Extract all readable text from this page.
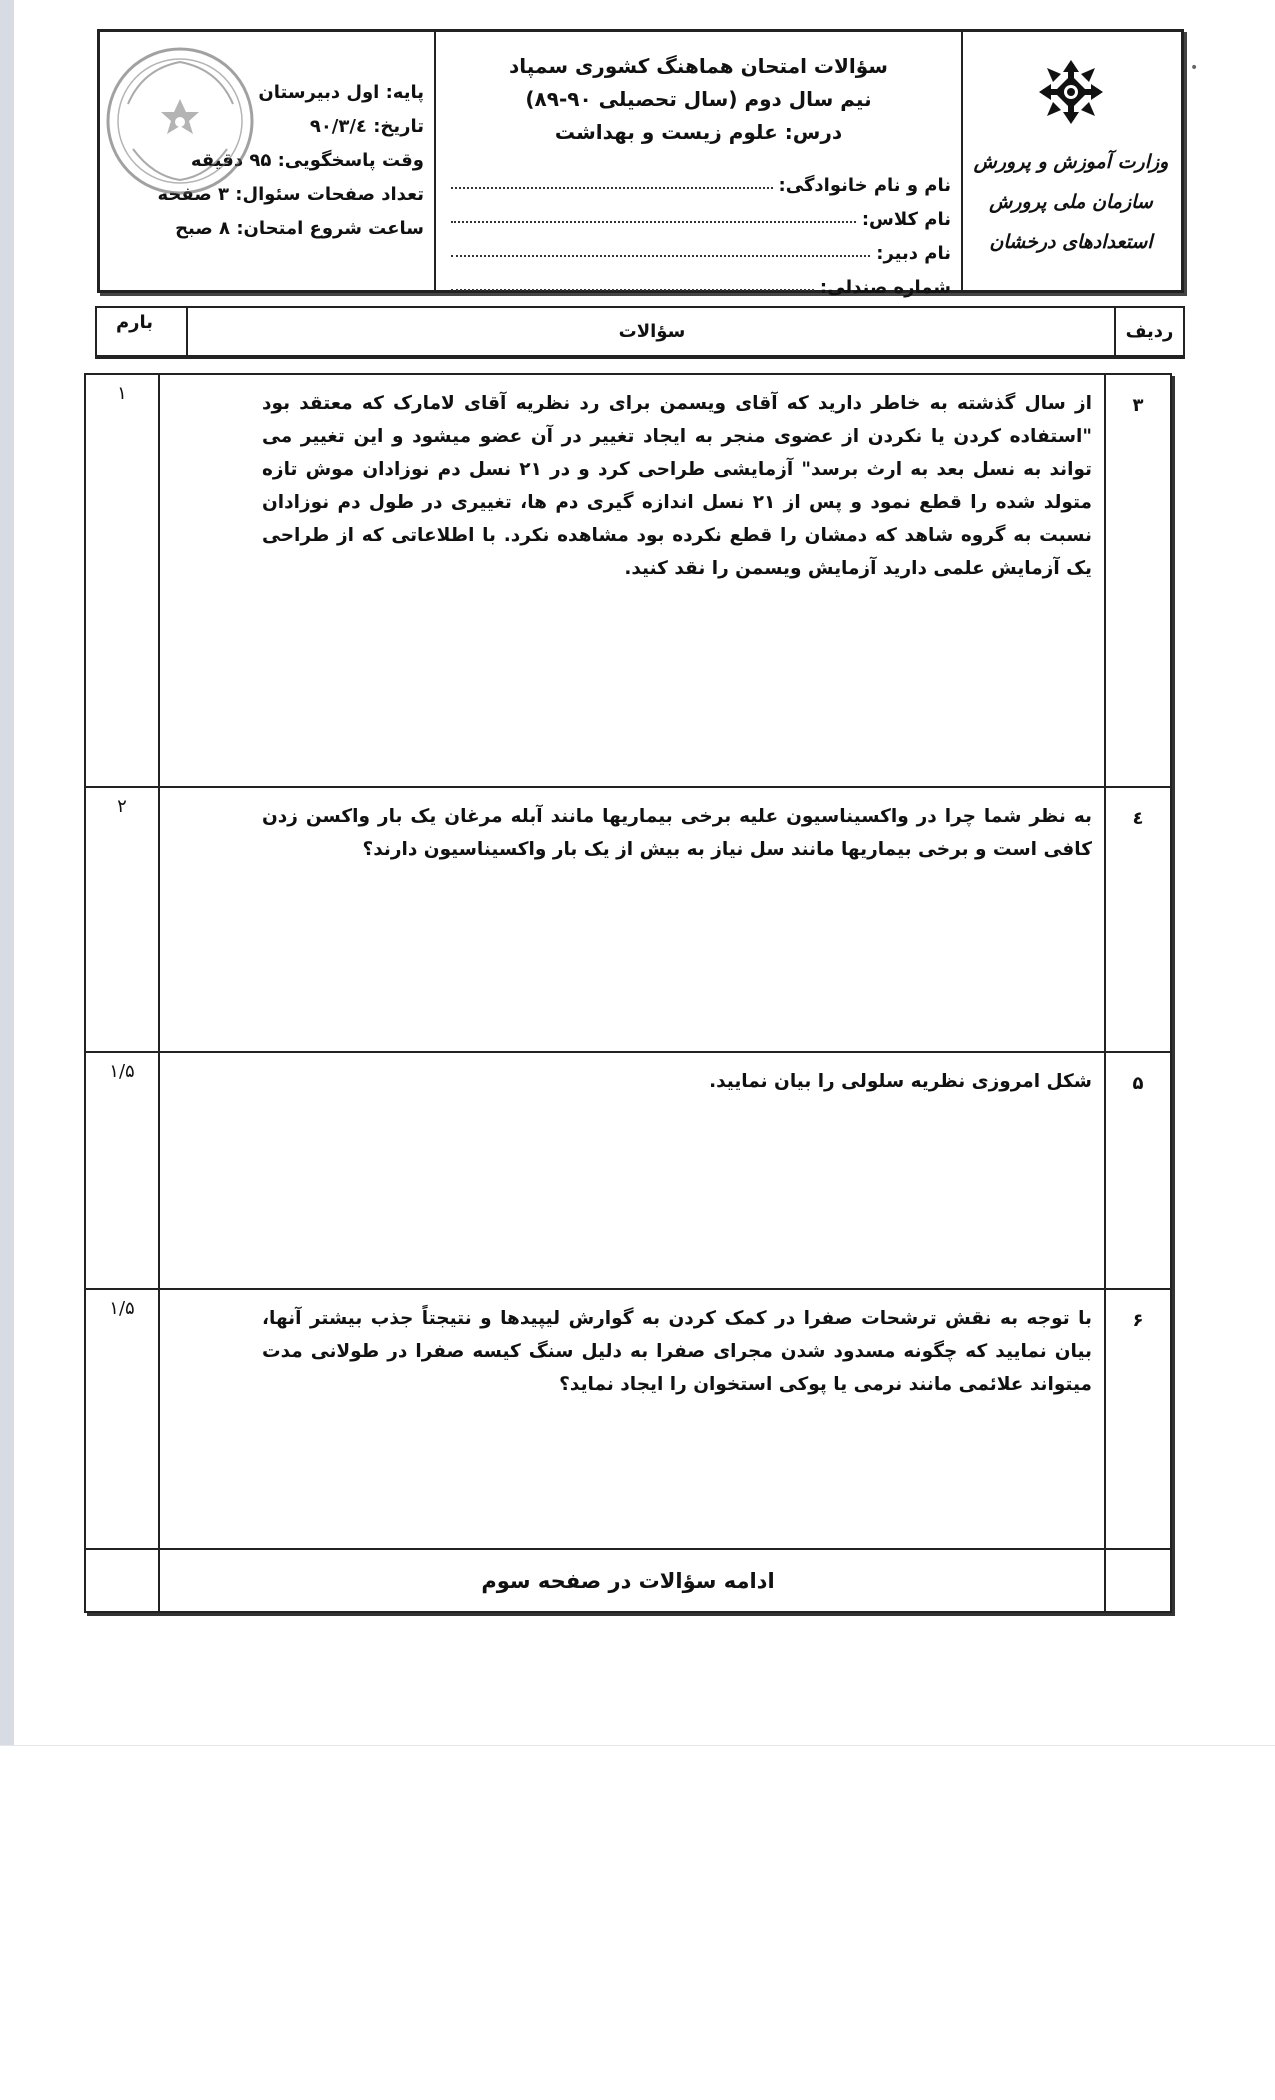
وزارت آموزش و پرورش
سازمان ملی پرورش استعدادهای درخشان
سؤالات امتحان هماهنگ کشوری سمپاد
نیم سال دوم (سال تحصیلی ۹۰-۸۹)
درس: علوم زیست و بهداشت
نام و نام خانوادگی:
نام کلاس:
نام دبیر:
شماره صندلی:
پایه: اول دبیرستان
تاریخ: ۹۰/۳/٤
وقت پاسخگویی: ۹۵ دقیقه
تعداد صفحات سئوال: ۳ صفحه
ساعت شروع امتحان: ۸ صبح
ردیف
سؤالات
بارم
۳
از سال گذشته به خاطر دارید که آقای ویسمن برای رد نظریه آقای لامارک که معتقد بود "استفاده کردن یا نکردن از عضوی منجر به ایجاد تغییر در آن عضو میشود و این تغییر می تواند به نسل بعد به ارث برسد" آزمایشی طراحی کرد و در ۲۱ نسل دم نوزادان موش تازه متولد شده را قطع نمود و پس از ۲۱ نسل اندازه گیری دم ها، تغییری در طول دم نوزادان نسبت به گروه شاهد که دمشان را قطع نکرده بود مشاهده نکرد. با اطلاعاتی که از طراحی یک آزمایش علمی دارید آزمایش ویسمن را نقد کنید.
۱
٤
به نظر شما چرا در واکسیناسیون علیه برخی بیماریها مانند آبله مرغان یک بار واکسن زدن کافی است و برخی بیماریها مانند سل نیاز به بیش از یک بار واکسیناسیون دارند؟
۲
۵
شکل امروزی نظریه سلولی را بیان نمایید.
۱/۵
۶
با توجه به نقش ترشحات صفرا در کمک کردن به گوارش لیپیدها و نتیجتاً جذب بیشتر آنها، بیان نمایید که چگونه مسدود شدن مجرای صفرا به دلیل سنگ کیسه صفرا در طولانی مدت میتواند علائمی مانند نرمی یا پوکی استخوان را ایجاد نماید؟
۱/۵
ادامه سؤالات در صفحه سوم
•
